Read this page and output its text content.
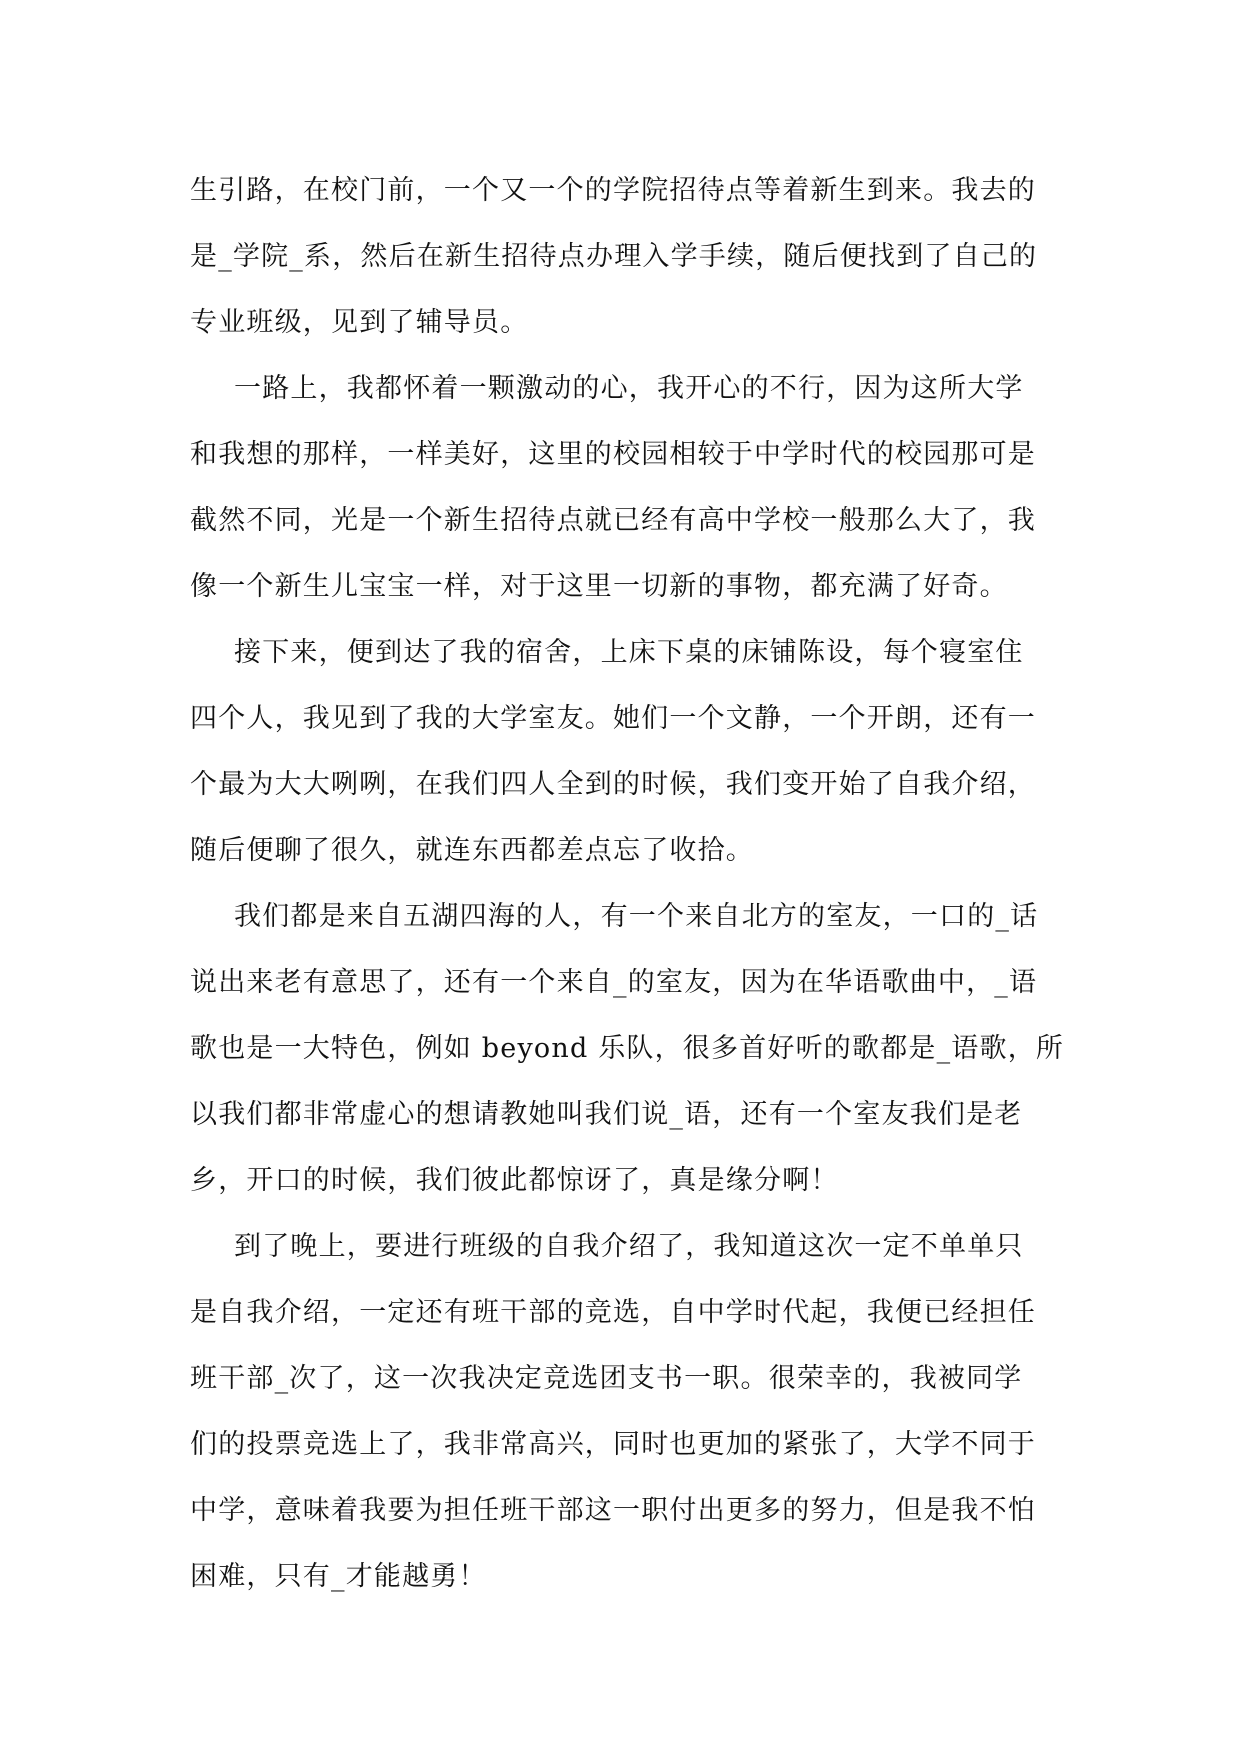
生引路，在校门前，一个又一个的学院招待点等着新生到来。我去的
是_学院_系，然后在新生招待点办理入学手续，随后便找到了自己的
专业班级，见到了辅导员。
一路上，我都怀着一颗激动的心，我开心的不行，因为这所大学
和我想的那样，一样美好，这里的校园相较于中学时代的校园那可是
截然不同，光是一个新生招待点就已经有高中学校一般那么大了，我
像一个新生儿宝宝一样，对于这里一切新的事物，都充满了好奇。
接下来，便到达了我的宿舍，上床下桌的床铺陈设，每个寝室住
四个人，我见到了我的大学室友。她们一个文静，一个开朗，还有一
个最为大大咧咧，在我们四人全到的时候，我们变开始了自我介绍，
随后便聊了很久，就连东西都差点忘了收拾。
我们都是来自五湖四海的人，有一个来自北方的室友，一口的_话
说出来老有意思了，还有一个来自_的室友，因为在华语歌曲中，_语
歌也是一大特色，例如 beyond 乐队，很多首好听的歌都是_语歌，所
以我们都非常虚心的想请教她叫我们说_语，还有一个室友我们是老
乡，开口的时候，我们彼此都惊讶了，真是缘分啊！
到了晚上，要进行班级的自我介绍了，我知道这次一定不单单只
是自我介绍，一定还有班干部的竞选，自中学时代起，我便已经担任
班干部_次了，这一次我决定竞选团支书一职。很荣幸的，我被同学
们的投票竞选上了，我非常高兴，同时也更加的紧张了，大学不同于
中学，意味着我要为担任班干部这一职付出更多的努力，但是我不怕
困难，只有_才能越勇！
